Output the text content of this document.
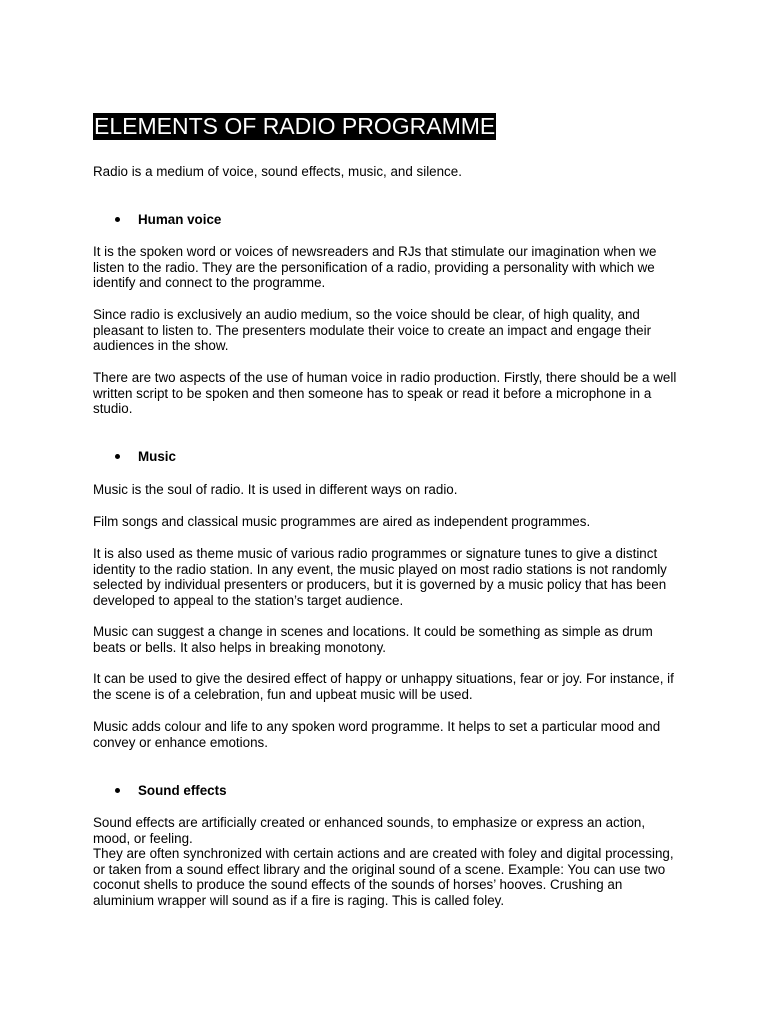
ELEMENTS OF RADIO PROGRAMME

Radio is a medium of voice, sound effects, music, and silence.

Human voice

It is the spoken word or voices of newsreaders and RJs that stimulate our imagination when we listen to the radio. They are the personification of a radio, providing a personality with which we identify and connect to the programme.

Since radio is exclusively an audio medium, so the voice should be clear, of high quality, and pleasant to listen to. The presenters modulate their voice to create an impact and engage their audiences in the show.

There are two aspects of the use of human voice in radio production. Firstly, there should be a well written script to be spoken and then someone has to speak or read it before a microphone in a studio.

Music

Music is the soul of radio. It is used in different ways on radio.

Film songs and classical music programmes are aired as independent programmes.

It is also used as theme music of various radio programmes or signature tunes to give a distinct identity to the radio station. In any event, the music played on most radio stations is not randomly selected by individual presenters or producers, but it is governed by a music policy that has been developed to appeal to the station’s target audience.

Music can suggest a change in scenes and locations. It could be something as simple as drum beats or bells. It also helps in breaking monotony.

It can be used to give the desired effect of happy or unhappy situations, fear or joy. For instance, if the scene is of a celebration, fun and upbeat music will be used.

Music adds colour and life to any spoken word programme. It helps to set a particular mood and convey or enhance emotions.

Sound effects

Sound effects are artificially created or enhanced sounds, to emphasize or express an action, mood, or feeling.

They are often synchronized with certain actions and are created with foley and digital processing, or taken from a sound effect library and the original sound of a scene. Example: You can use two coconut shells to produce the sound effects of the sounds of horses’ hooves. Crushing an aluminium wrapper will sound as if a fire is raging. This is called foley.
